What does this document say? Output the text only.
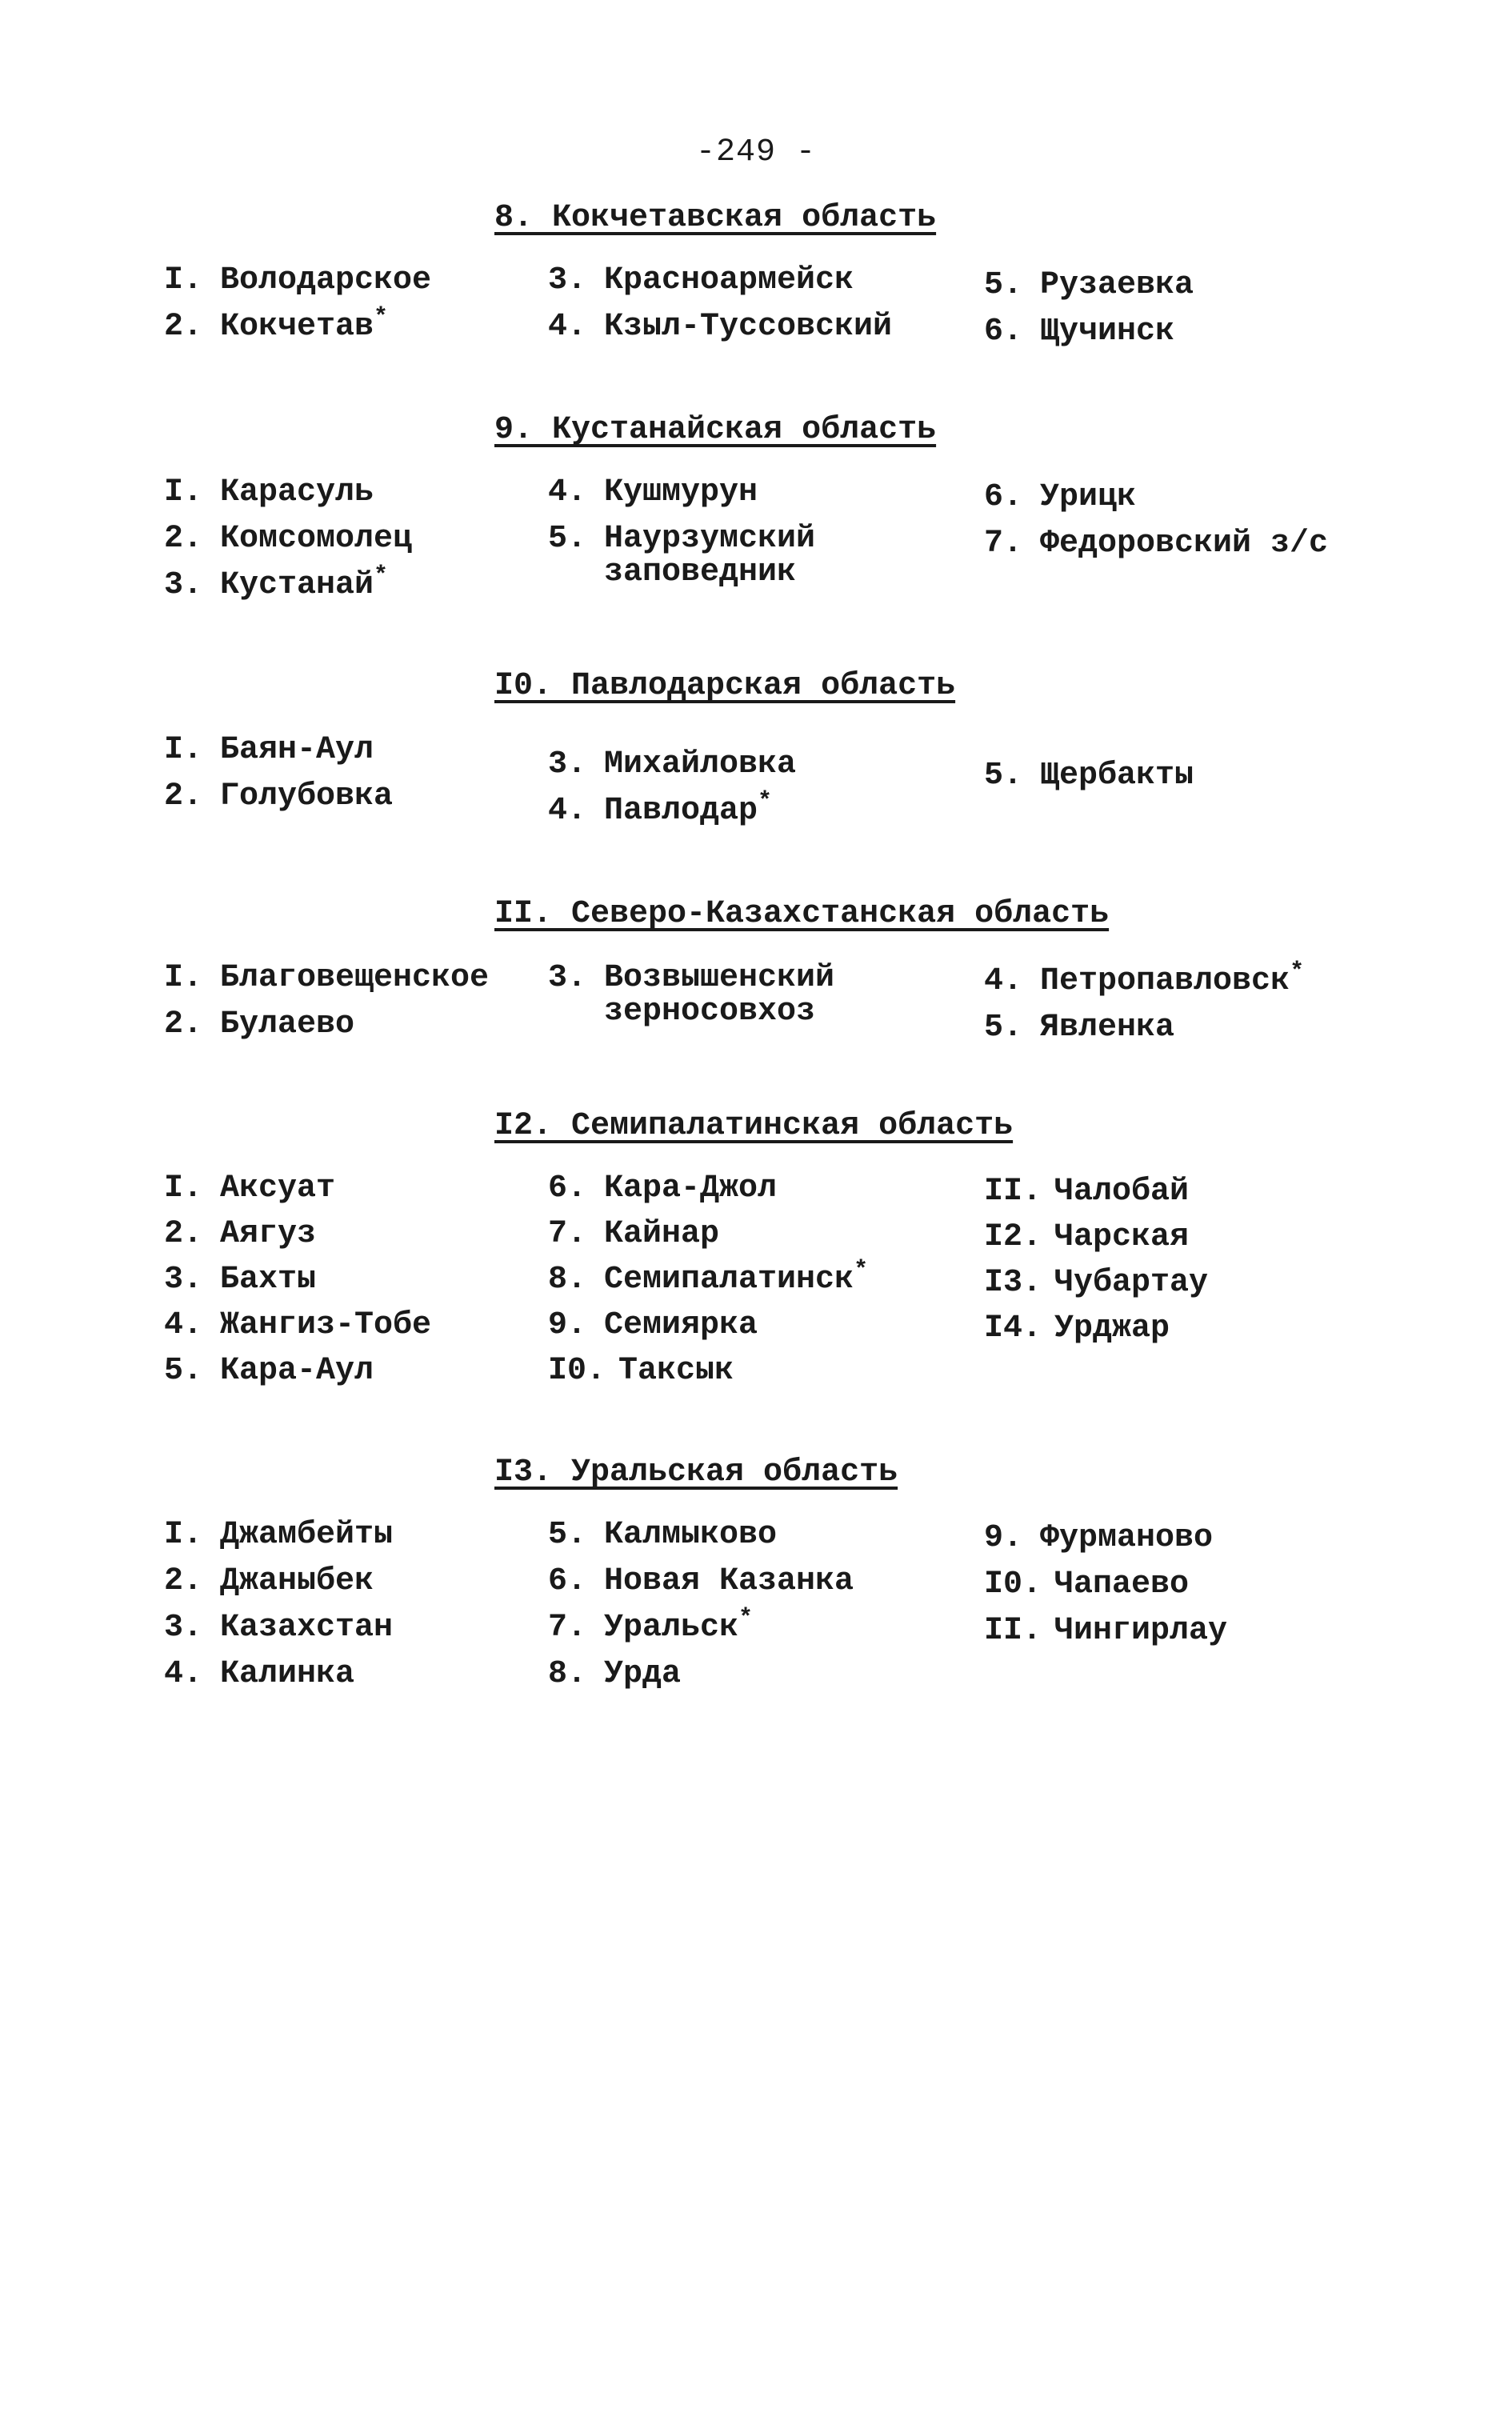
-249 -
8. Кокчетавская область
I. Володарское
2. Кокчетав*
3. Красноармейск
4. Кзыл-Туссовский
5. Рузаевка
6. Щучинск
9. Кустанайская область
I. Карасуль
2. Комсомолец
3. Кустанай*
4. Кушмурун
5. Наурзумский
заповедник
6. Урицк
7. Федоровский з/с
I0. Павлодарская область
I. Баян-Аул
2. Голубовка
3. Михайловка
4. Павлодар*
5. Щербакты
II. Северо-Казахстанская область
I. Благовещенское
2. Булаево
3. Возвышенский
зерносовхоз
4. Петропавловск*
5. Явленка
I2. Семипалатинская область
I. Аксуат
2. Аягуз
3. Бахты
4. Жангиз-Тобе
5. Кара-Аул
6. Кара-Джол
7. Кайнар
8. Семипалатинск*
9. Семиярка
I0. Таксык
II. Чалобай
I2. Чарская
I3. Чубартау
I4. Урджар
I3. Уральская область
I. Джамбейты
2. Джаныбек
3. Казахстан
4. Калинка
5. Калмыково
6. Новая Казанка
7. Уральск*
8. Урда
9. Фурманово
I0. Чапаево
II. Чингирлау
